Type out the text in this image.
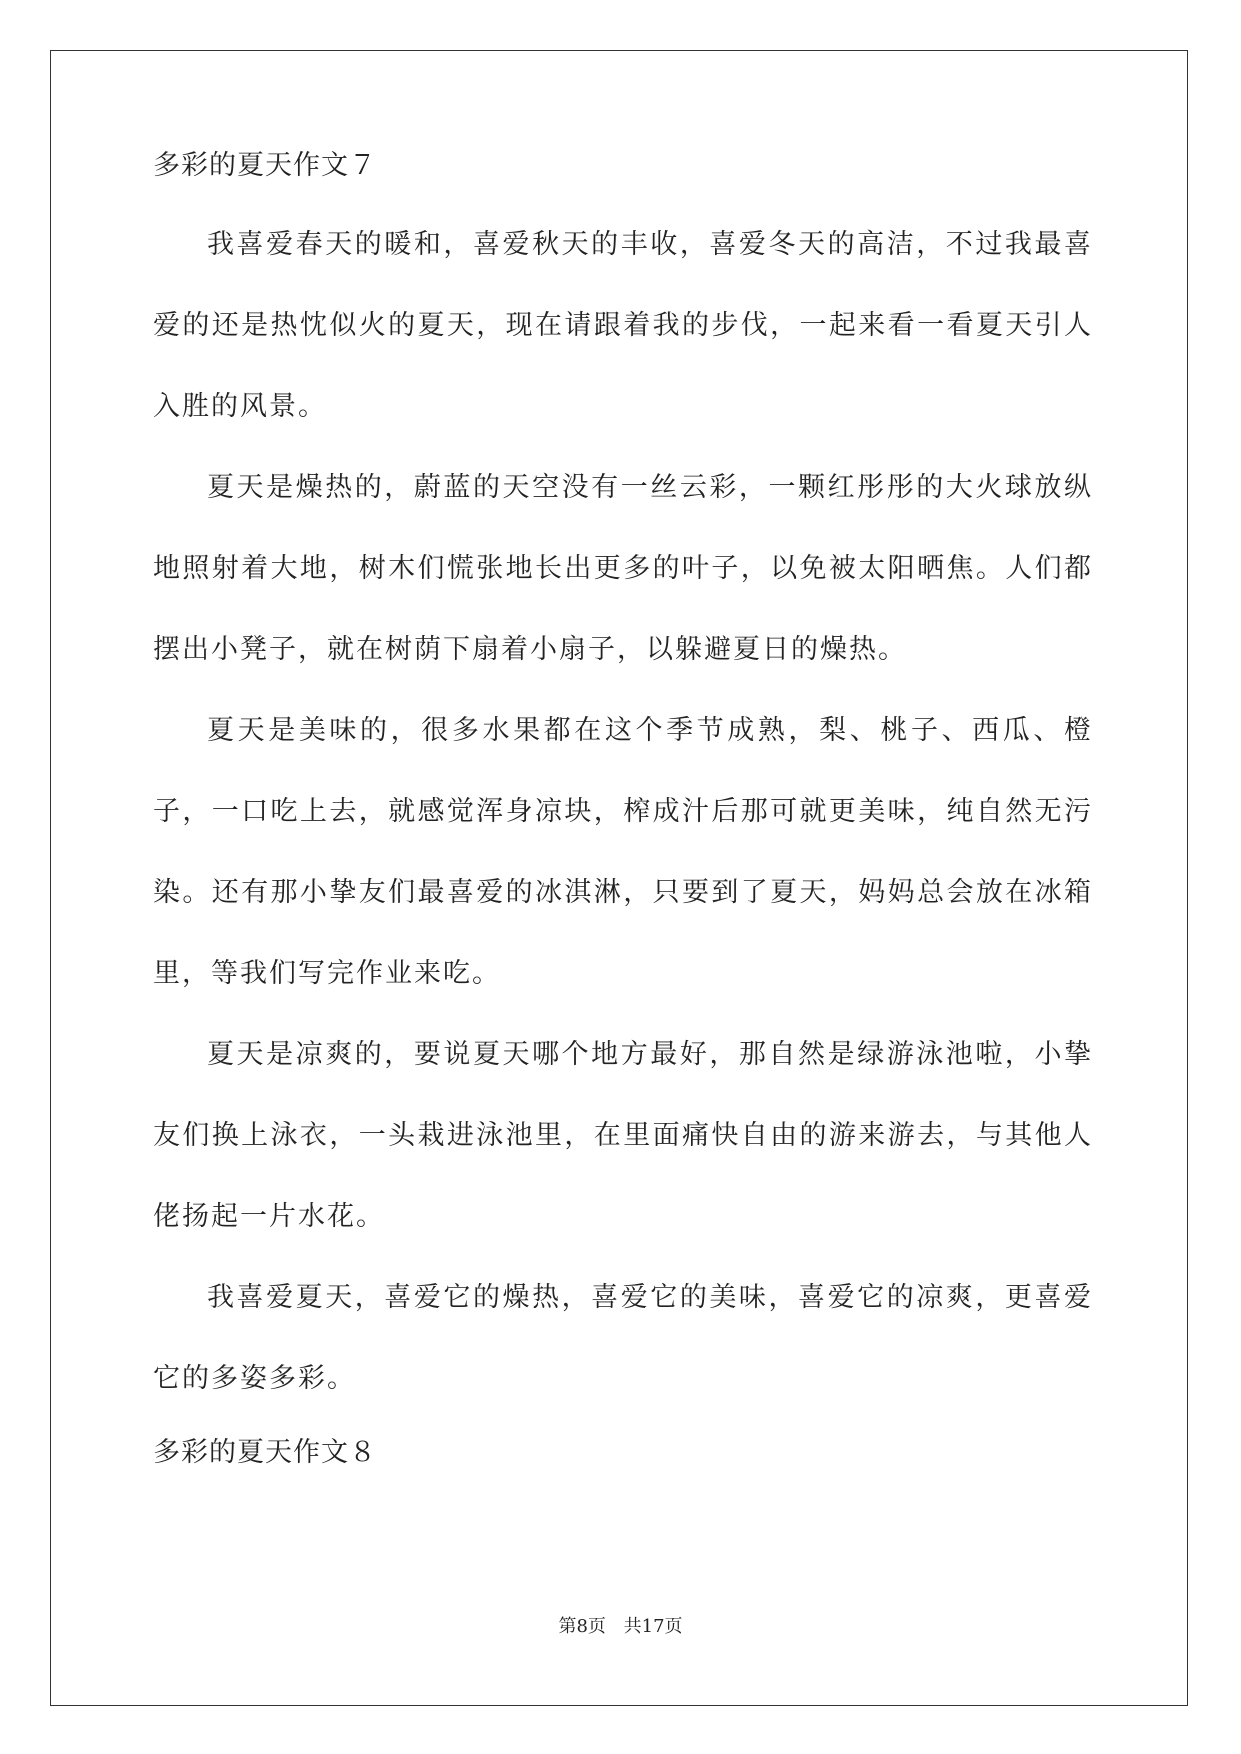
多彩的夏天作文７

我喜爱春天的暖和，喜爱秋天的丰收，喜爱冬天的高洁，不过我最喜爱的还是热忱似火的夏天，现在请跟着我的步伐，一起来看一看夏天引人入胜的风景。

夏天是燥热的，蔚蓝的天空没有一丝云彩，一颗红彤彤的大火球放纵地照射着大地，树木们慌张地长出更多的叶子，以免被太阳晒焦。人们都摆出小凳子，就在树荫下扇着小扇子，以躲避夏日的燥热。

夏天是美味的，很多水果都在这个季节成熟，梨、桃子、西瓜、橙子，一口吃上去，就感觉浑身凉块，榨成汁后那可就更美味，纯自然无污染。还有那小挚友们最喜爱的冰淇淋，只要到了夏天，妈妈总会放在冰箱里，等我们写完作业来吃。

夏天是凉爽的，要说夏天哪个地方最好，那自然是绿游泳池啦，小挚友们换上泳衣，一头栽进泳池里，在里面痛快自由的游来游去，与其他人佬扬起一片水花。

我喜爱夏天，喜爱它的燥热，喜爱它的美味，喜爱它的凉爽，更喜爱它的多姿多彩。

多彩的夏天作文８
第8页 共17页
